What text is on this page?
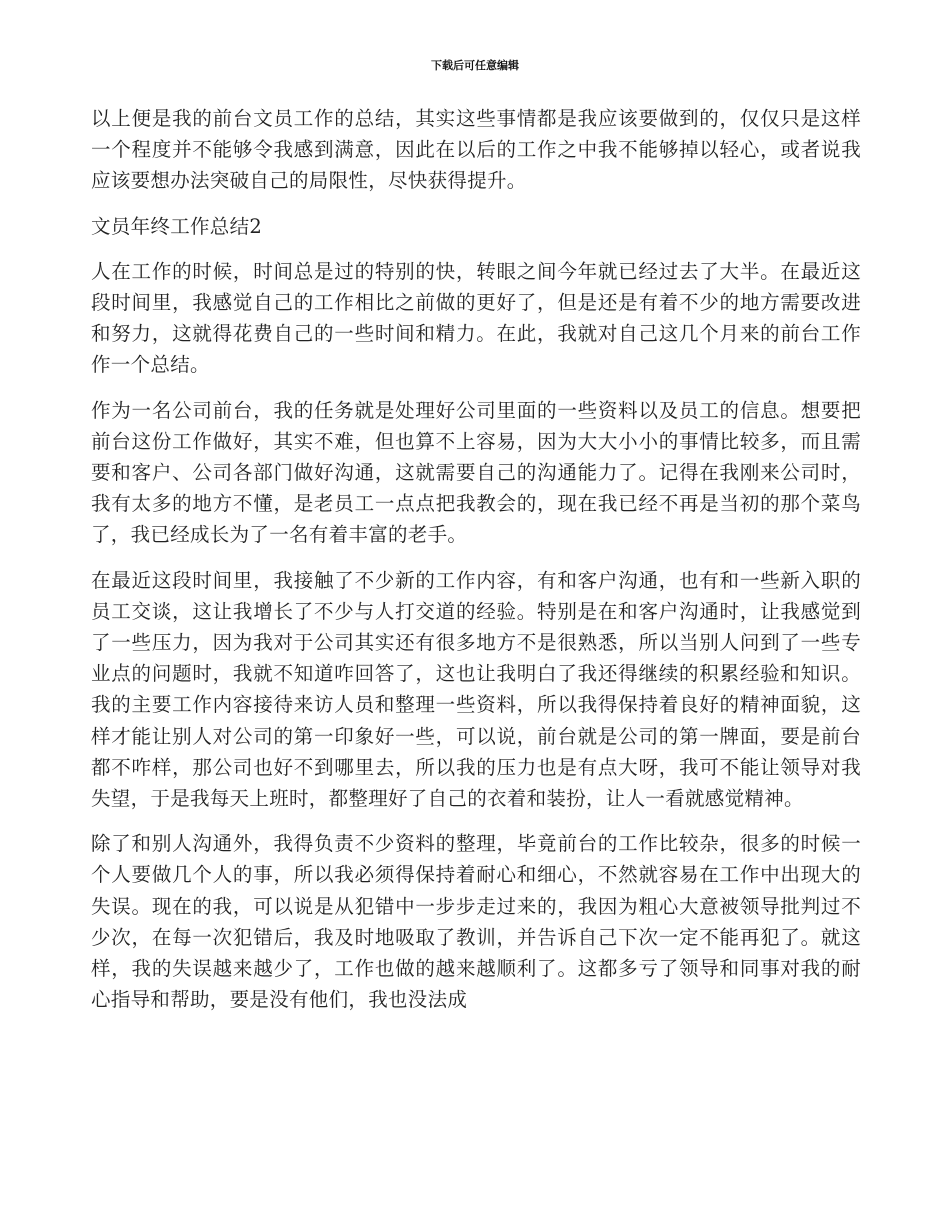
下载后可任意编辑

以上便是我的前台文员工作的总结，其实这些事情都是我应该要做到的，仅仅只是这样一个程度并不能够令我感到满意，因此在以后的工作之中我不能够掉以轻心，或者说我应该要想办法突破自己的局限性，尽快获得提升。

文员年终工作总结2

人在工作的时候，时间总是过的特别的快，转眼之间今年就已经过去了大半。在最近这段时间里，我感觉自己的工作相比之前做的更好了，但是还是有着不少的地方需要改进和努力，这就得花费自己的一些时间和精力。在此，我就对自己这几个月来的前台工作作一个总结。

作为一名公司前台，我的任务就是处理好公司里面的一些资料以及员工的信息。想要把前台这份工作做好，其实不难，但也算不上容易，因为大大小小的事情比较多，而且需要和客户、公司各部门做好沟通，这就需要自己的沟通能力了。记得在我刚来公司时，我有太多的地方不懂，是老员工一点点把我教会的，现在我已经不再是当初的那个菜鸟了，我已经成长为了一名有着丰富的老手。

在最近这段时间里，我接触了不少新的工作内容，有和客户沟通，也有和一些新入职的员工交谈，这让我增长了不少与人打交道的经验。特别是在和客户沟通时，让我感觉到了一些压力，因为我对于公司其实还有很多地方不是很熟悉，所以当别人问到了一些专业点的问题时，我就不知道咋回答了，这也让我明白了我还得继续的积累经验和知识。我的主要工作内容接待来访人员和整理一些资料，所以我得保持着良好的精神面貌，这样才能让别人对公司的第一印象好一些，可以说，前台就是公司的第一牌面，要是前台都不咋样，那公司也好不到哪里去，所以我的压力也是有点大呀，我可不能让领导对我失望，于是我每天上班时，都整理好了自己的衣着和装扮，让人一看就感觉精神。

除了和别人沟通外，我得负责不少资料的整理，毕竟前台的工作比较杂，很多的时候一个人要做几个人的事，所以我必须得保持着耐心和细心，不然就容易在工作中出现大的失误。现在的我，可以说是从犯错中一步步走过来的，我因为粗心大意被领导批判过不少次，在每一次犯错后，我及时地吸取了教训，并告诉自己下次一定不能再犯了。就这样，我的失误越来越少了，工作也做的越来越顺利了。这都多亏了领导和同事对我的耐心指导和帮助，要是没有他们，我也没法成
